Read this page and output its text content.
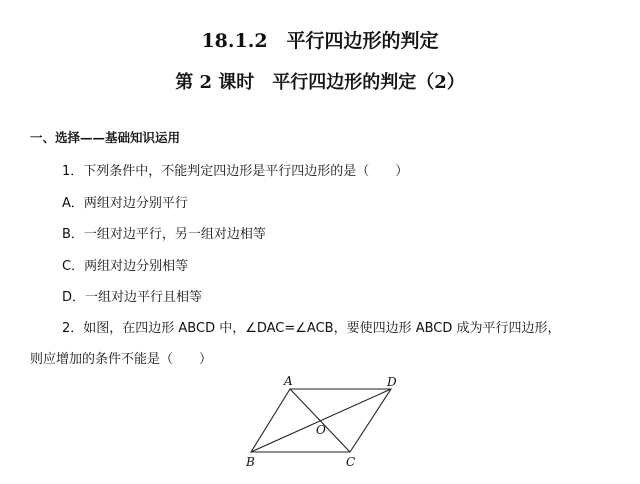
18.1.2　平行四边形的判定
第 2 课时　平行四边形的判定（2）
一、选择——基础知识运用
1．下列条件中，不能判定四边形是平行四边形的是（　　）
A．两组对边分别平行
B．一组对边平行，另一组对边相等
C．两组对边分别相等
D．一组对边平行且相等
2．如图，在四边形 ABCD 中，∠DAC=∠ACB，要使四边形 ABCD 成为平行四边形，
则应增加的条件不能是（　　）
A	D
B	C
O
